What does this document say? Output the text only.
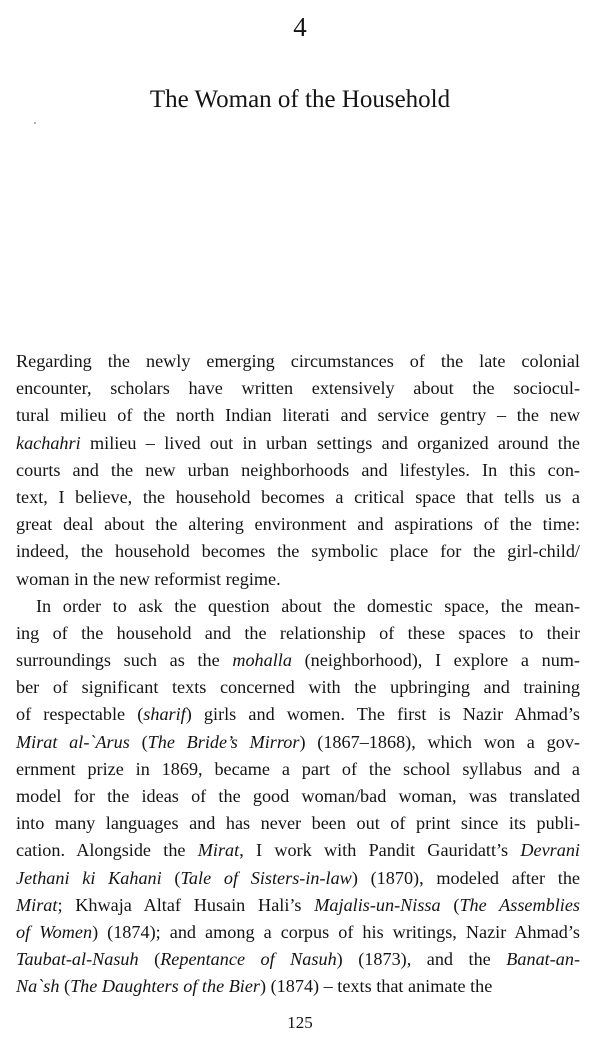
4
The Woman of the Household
Regarding the newly emerging circumstances of the late colonial
encounter, scholars have written extensively about the sociocul-
tural milieu of the north Indian literati and service gentry – the new
kachahri milieu – lived out in urban settings and organized around the
courts and the new urban neighborhoods and lifestyles. In this con-
text, I believe, the household becomes a critical space that tells us a
great deal about the altering environment and aspirations of the time:
indeed, the household becomes the symbolic place for the girl-child/
woman in the new reformist regime.
In order to ask the question about the domestic space, the mean-
ing of the household and the relationship of these spaces to their
surroundings such as the mohalla (neighborhood), I explore a num-
ber of significant texts concerned with the upbringing and training
of respectable (sharif) girls and women. The first is Nazir Ahmad’s
Mirat al-`Arus (The Bride’s Mirror) (1867–1868), which won a gov-
ernment prize in 1869, became a part of the school syllabus and a
model for the ideas of the good woman/bad woman, was translated
into many languages and has never been out of print since its publi-
cation. Alongside the Mirat, I work with Pandit Gauridatt’s Devrani
Jethani ki Kahani (Tale of Sisters-in-law) (1870), modeled after the
Mirat; Khwaja Altaf Husain Hali’s Majalis-un-Nissa (The Assemblies
of Women) (1874); and among a corpus of his writings, Nazir Ahmad’s
Taubat-al-Nasuh (Repentance of Nasuh) (1873), and the Banat-an-
Na`sh (The Daughters of the Bier) (1874) – texts that animate the
125
